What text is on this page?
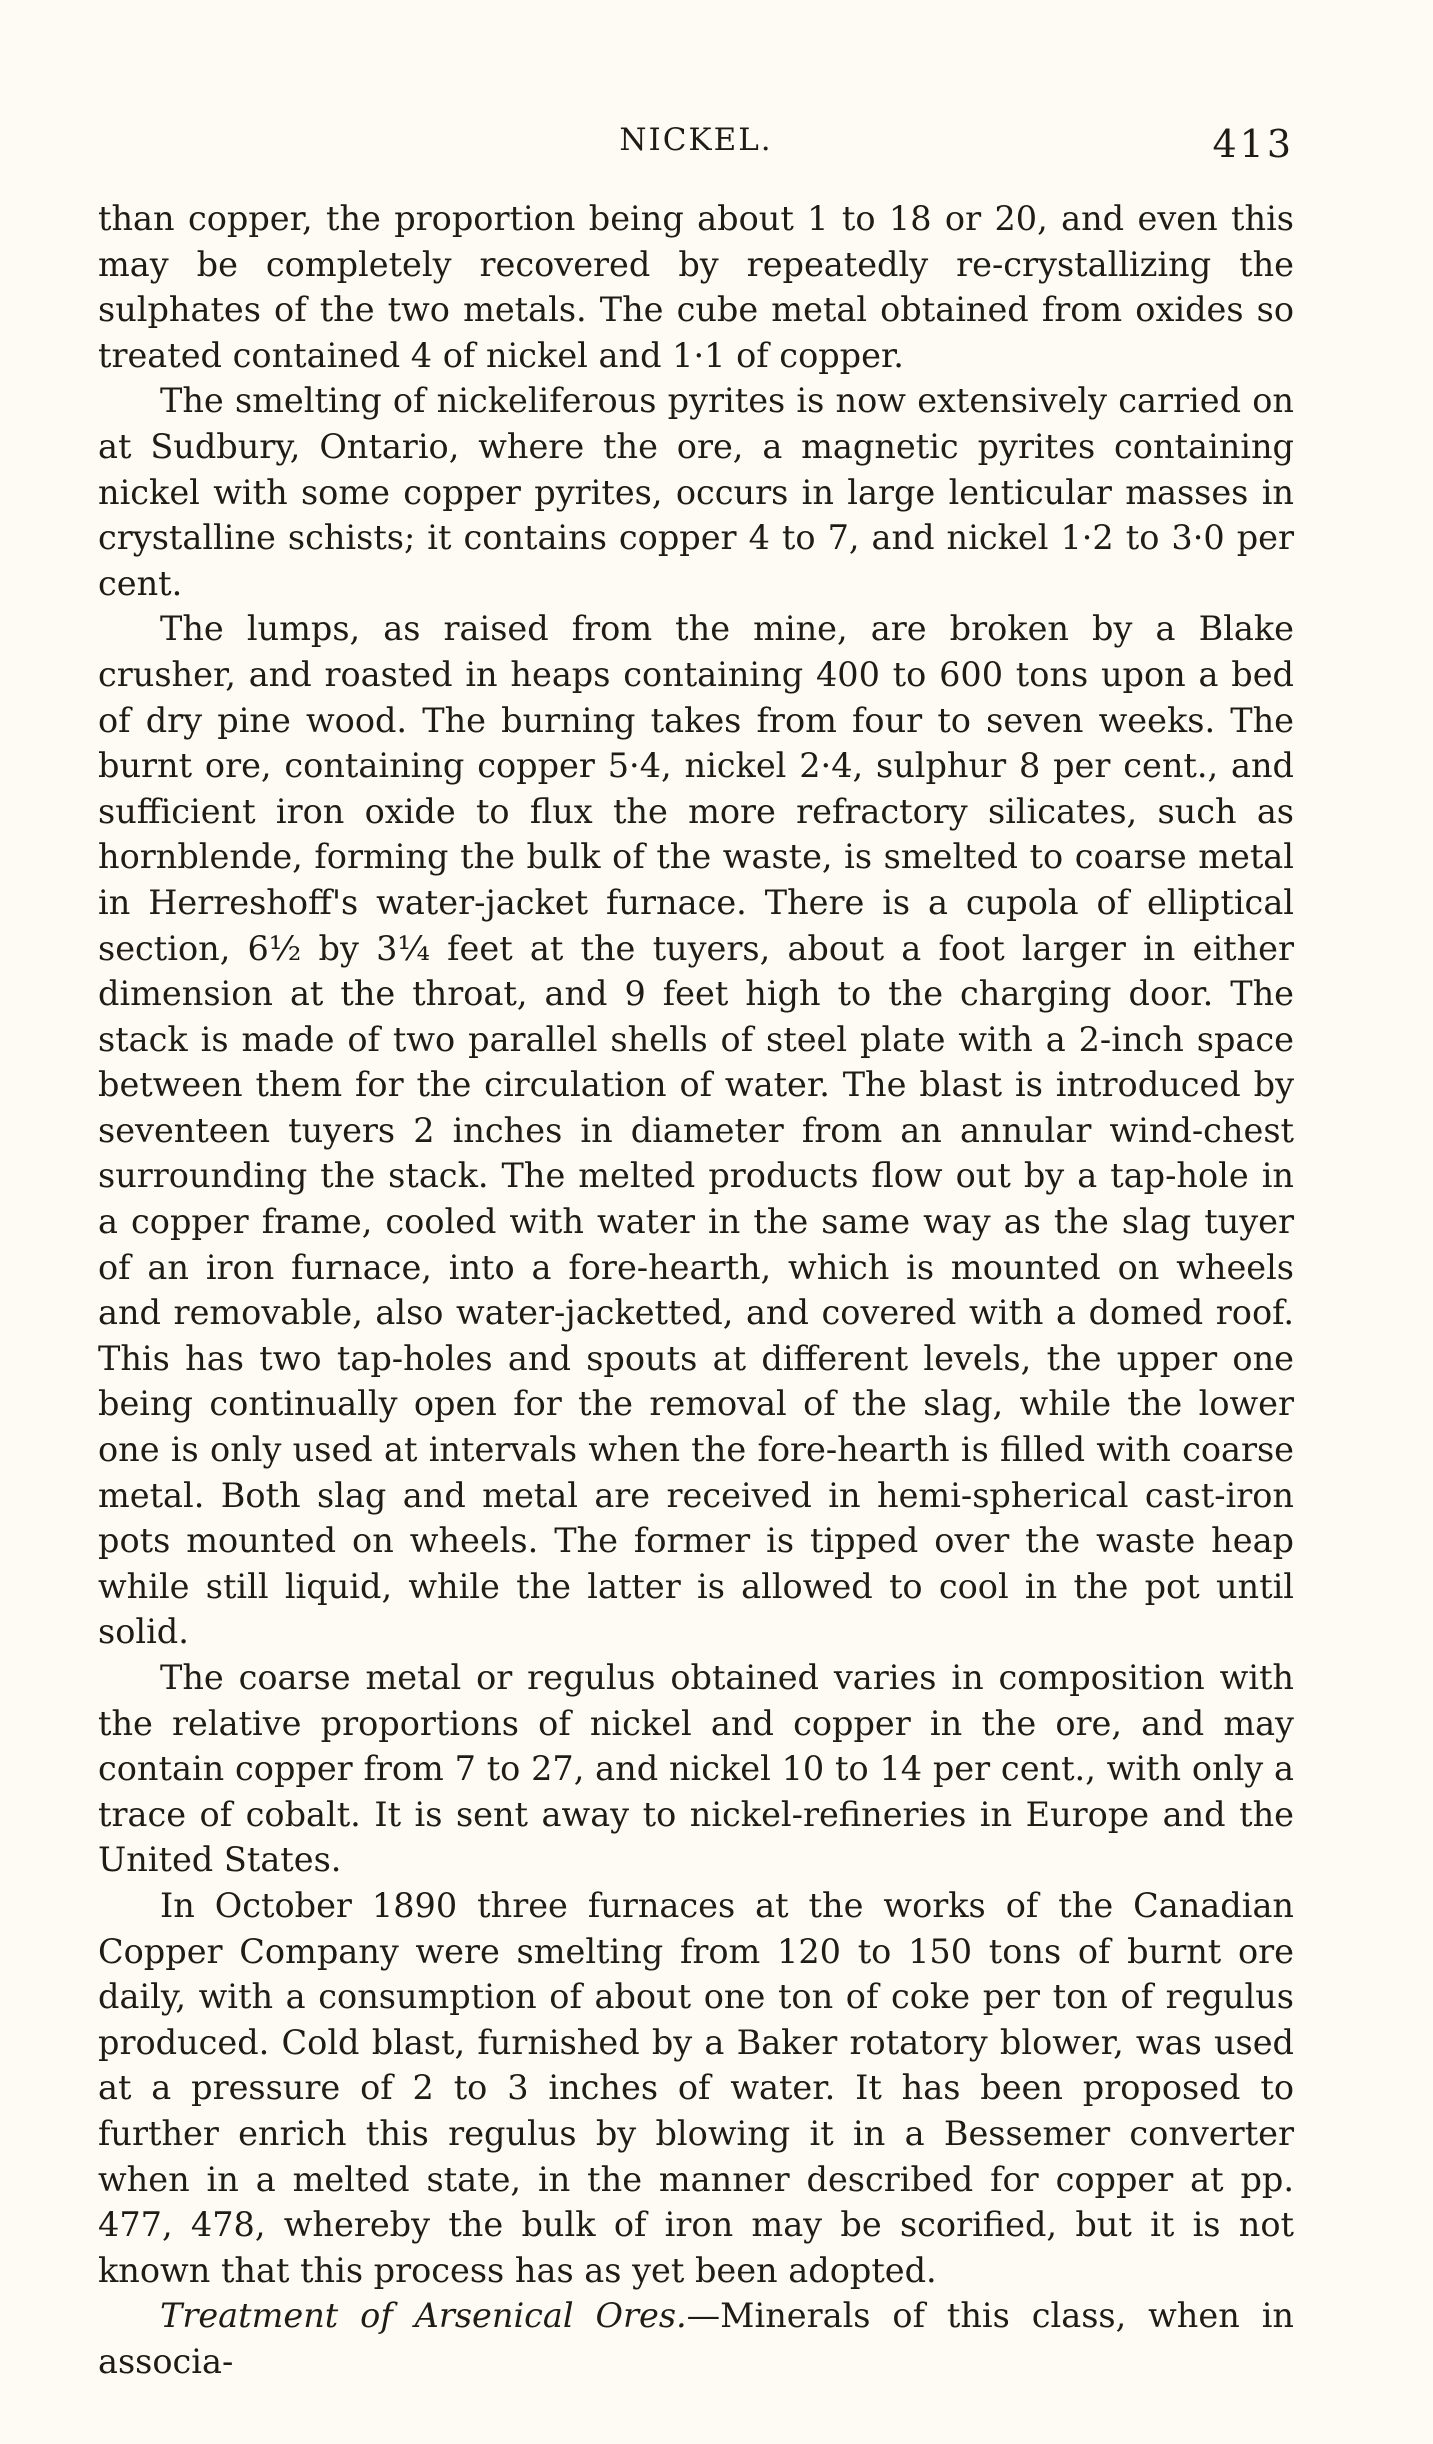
NICKEL.	413

than copper, the proportion being about 1 to 18 or 20, and even this may be completely recovered by repeatedly re-crystallizing the sulphates of the two metals. The cube metal obtained from oxides so treated contained 4 of nickel and 1·1 of copper.

The smelting of nickeliferous pyrites is now extensively carried on at Sudbury, Ontario, where the ore, a magnetic pyrites containing nickel with some copper pyrites, occurs in large lenticular masses in crystalline schists; it contains copper 4 to 7, and nickel 1·2 to 3·0 per cent.

The lumps, as raised from the mine, are broken by a Blake crusher, and roasted in heaps containing 400 to 600 tons upon a bed of dry pine wood. The burning takes from four to seven weeks. The burnt ore, containing copper 5·4, nickel 2·4, sulphur 8 per cent., and sufficient iron oxide to flux the more refractory silicates, such as hornblende, forming the bulk of the waste, is smelted to coarse metal in Herreshoff's water-jacket furnace. There is a cupola of elliptical section, 6½ by 3¼ feet at the tuyers, about a foot larger in either dimension at the throat, and 9 feet high to the charging door. The stack is made of two parallel shells of steel plate with a 2-inch space between them for the circulation of water. The blast is introduced by seventeen tuyers 2 inches in diameter from an annular wind-chest surrounding the stack. The melted products flow out by a tap-hole in a copper frame, cooled with water in the same way as the slag tuyer of an iron furnace, into a fore-hearth, which is mounted on wheels and removable, also water-jacketted, and covered with a domed roof. This has two tap-holes and spouts at different levels, the upper one being continually open for the removal of the slag, while the lower one is only used at intervals when the fore-hearth is filled with coarse metal. Both slag and metal are received in hemi-spherical cast-iron pots mounted on wheels. The former is tipped over the waste heap while still liquid, while the latter is allowed to cool in the pot until solid.

The coarse metal or regulus obtained varies in composition with the relative proportions of nickel and copper in the ore, and may contain copper from 7 to 27, and nickel 10 to 14 per cent., with only a trace of cobalt. It is sent away to nickel-refineries in Europe and the United States.

In October 1890 three furnaces at the works of the Canadian Copper Company were smelting from 120 to 150 tons of burnt ore daily, with a consumption of about one ton of coke per ton of regulus produced. Cold blast, furnished by a Baker rotatory blower, was used at a pressure of 2 to 3 inches of water. It has been proposed to further enrich this regulus by blowing it in a Bessemer converter when in a melted state, in the manner described for copper at pp. 477, 478, whereby the bulk of iron may be scorified, but it is not known that this process has as yet been adopted.

Treatment of Arsenical Ores.—Minerals of this class, when in associa-
